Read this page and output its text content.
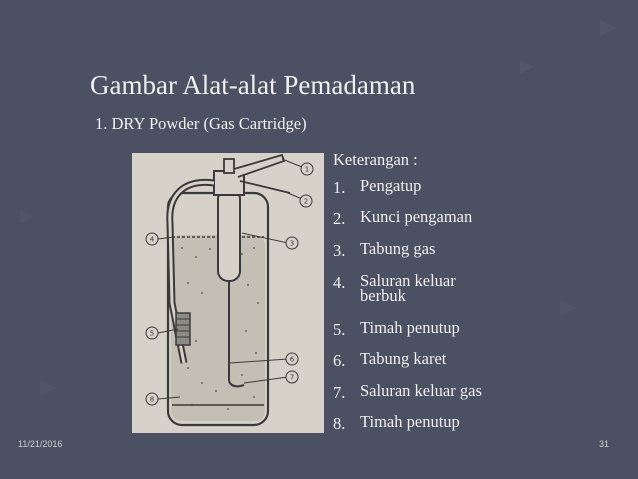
Gambar Alat-alat Pemadaman
1. DRY Powder (Gas Cartridge)
1
2
3
4
5
6
7
8
Keterangan :
1. Pengatup
2. Kunci pengaman
3. Tabung gas
4. Saluran keluar berbuk
5. Timah penutup
6. Tabung karet
7. Saluran keluar gas
8. Timah penutup
11/21/2016	31
